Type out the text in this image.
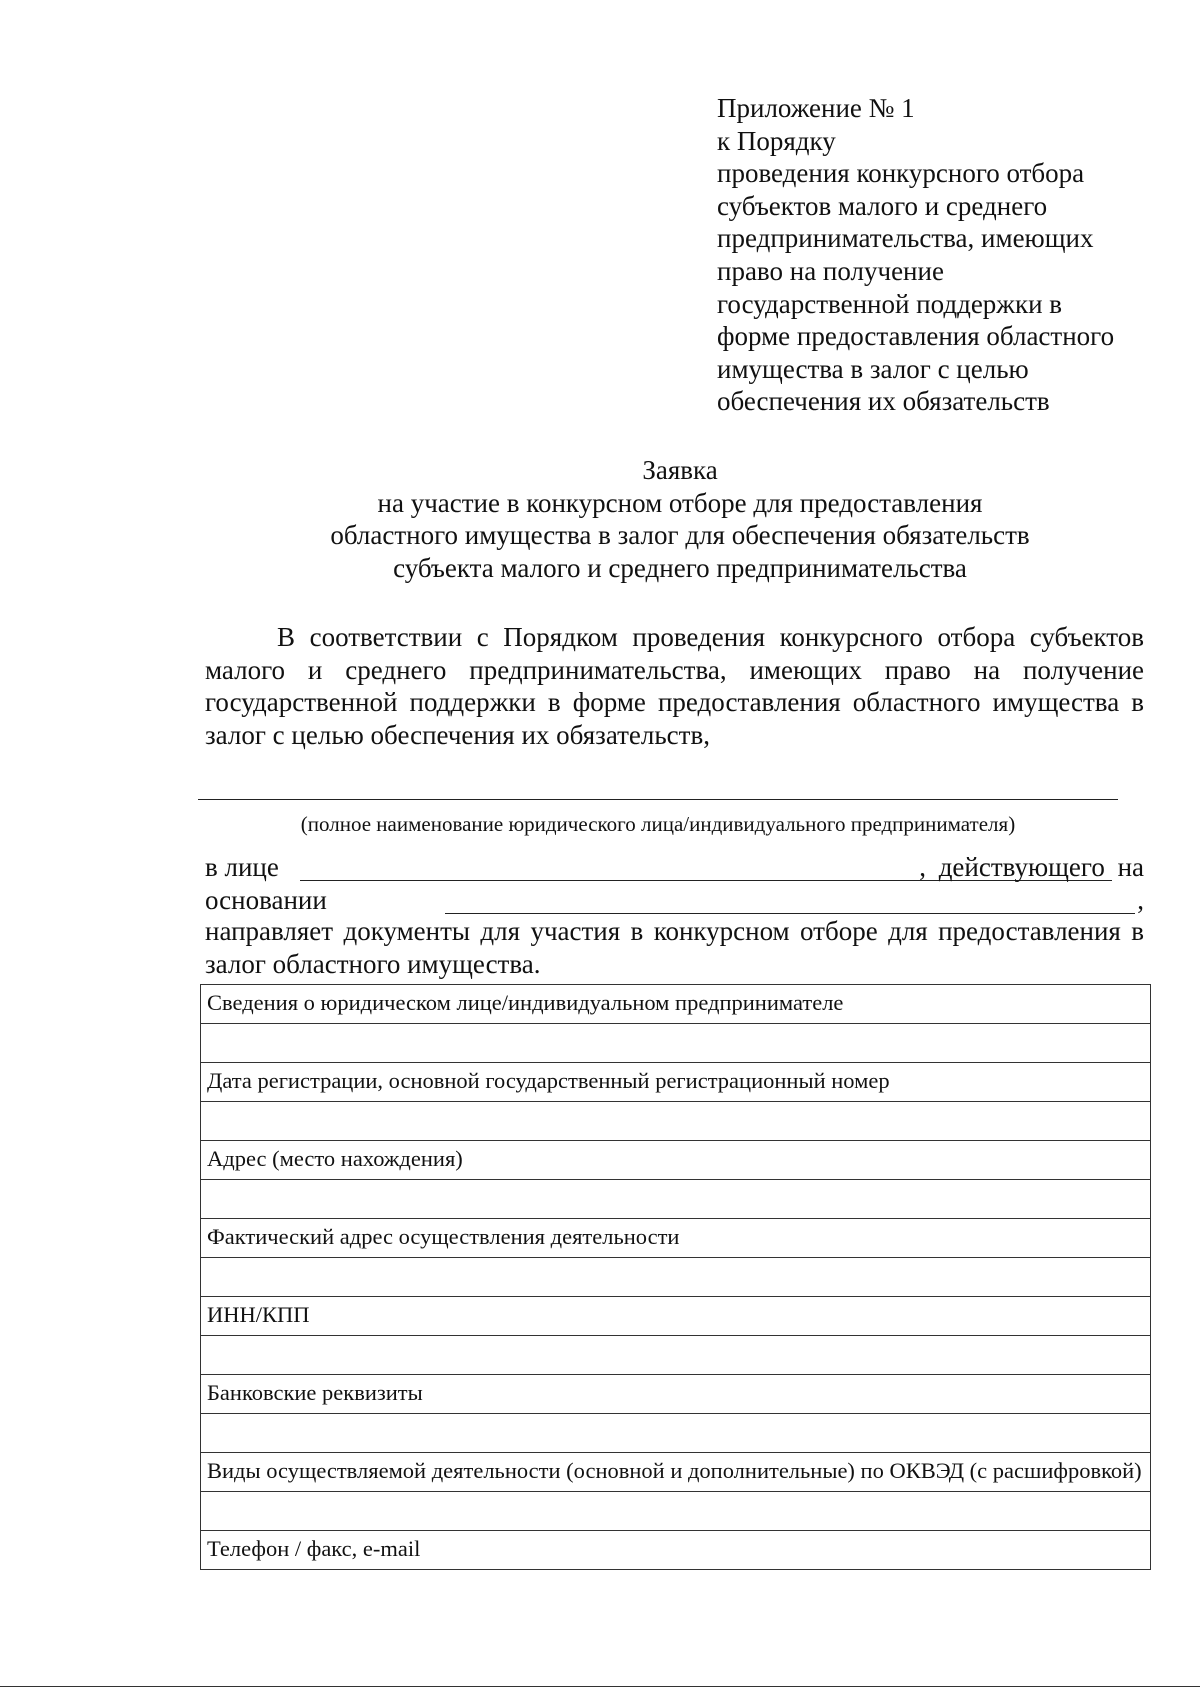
Приложение № 1
к Порядку
проведения конкурсного отбора
субъектов малого и среднего
предпринимательства, имеющих
право на получение
государственной поддержки в
форме предоставления областного
имущества в залог с целью
обеспечения их обязательств
Заявка
на участие в конкурсном отборе для предоставления
областного имущества в залог для обеспечения обязательств
субъекта малого и среднего предпринимательства
В соответствии с Порядком проведения конкурсного отбора субъектов малого и среднего предпринимательства, имеющих право на получение государственной поддержки в форме предоставления областного имущества в залог с целью обеспечения их обязательств,
(полное наименование юридического лица/индивидуального предпринимателя)
в лице	, действующего на
основании	,
направляет документы для участия в конкурсном отборе для предоставления в залог областного имущества.
Сведения о юридическом лице/индивидуальном предпринимателе

Дата регистрации, основной государственный регистрационный номер

Адрес (место нахождения)

Фактический адрес осуществления деятельности

ИНН/КПП

Банковские реквизиты

Виды осуществляемой деятельности (основной и дополнительные) по ОКВЭД (с расшифровкой)

Телефон / факс, e-mail
